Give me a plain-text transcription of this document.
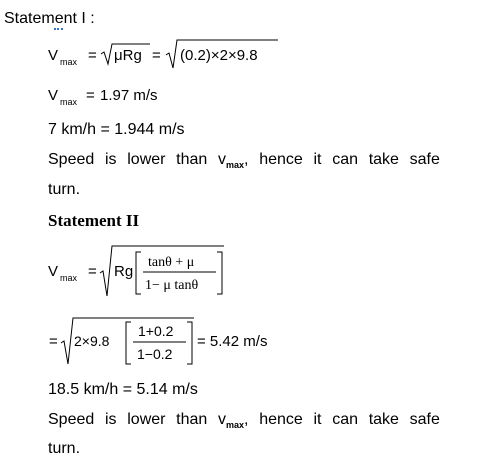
Statement I :
V max = μRg = (0.2)×2×9.8
V max = 1.97 m/s
7 km/h = 1.944 m/s
Speed is lower than $v_{max}$, hence it can take safe
turn.
Statement II
V max = Rg
tanθ + μ
1− μ tanθ
= 2×9.8
1+0.2
1−0.2
= 5.42 m/s
18.5 km/h = 5.14 m/s
Speed is lower than $v_{max}$, hence it can take safe
turn.
